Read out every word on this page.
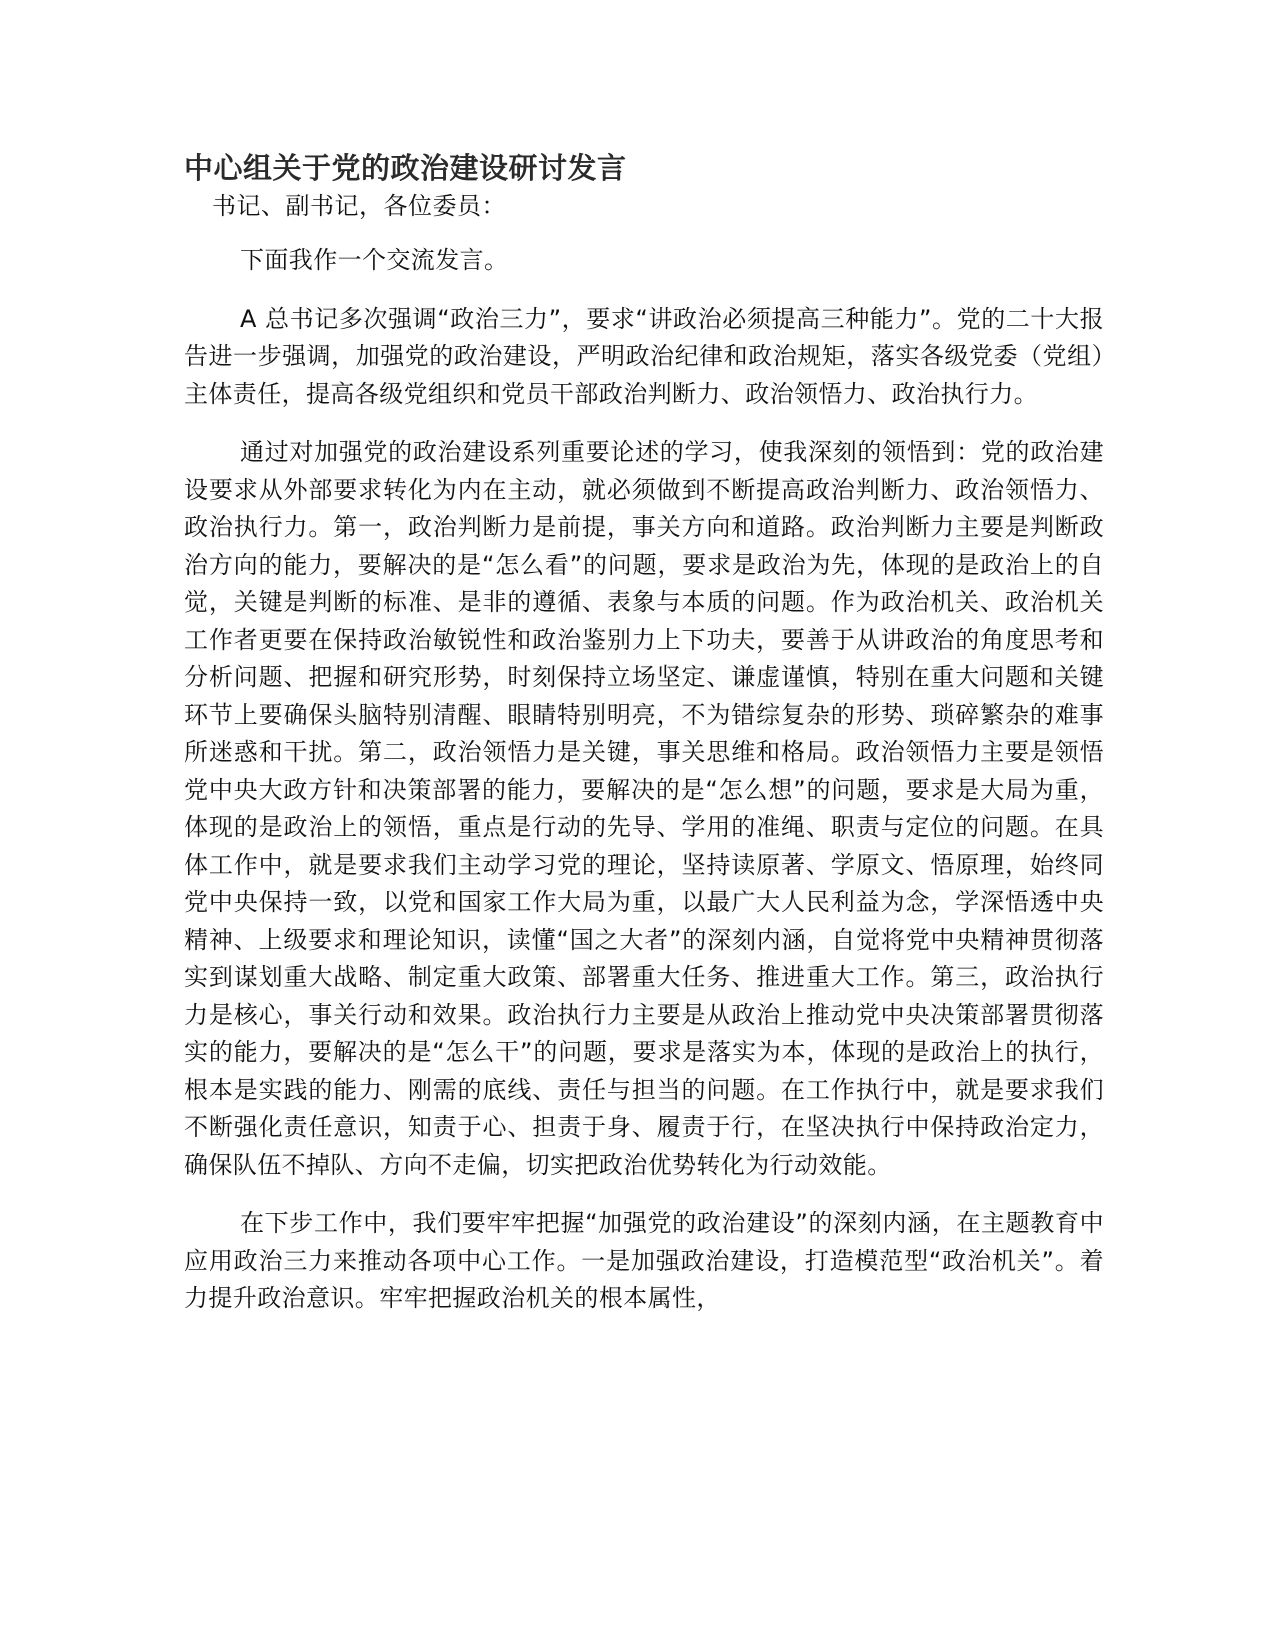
中心组关于党的政治建设研讨发言

书记、副书记，各位委员：

下面我作一个交流发言。

A 总书记多次强调“政治三力”，要求“讲政治必须提高三种能力”。党的二十大报告进一步强调，加强党的政治建设，严明政治纪律和政治规矩，落实各级党委（党组）主体责任，提高各级党组织和党员干部政治判断力、政治领悟力、政治执行力。

通过对加强党的政治建设系列重要论述的学习，使我深刻的领悟到：党的政治建设要求从外部要求转化为内在主动，就必须做到不断提高政治判断力、政治领悟力、政治执行力。第一，政治判断力是前提，事关方向和道路。政治判断力主要是判断政治方向的能力，要解决的是“怎么看”的问题，要求是政治为先，体现的是政治上的自觉，关键是判断的标准、是非的遵循、表象与本质的问题。作为政治机关、政治机关工作者更要在保持政治敏锐性和政治鉴别力上下功夫，要善于从讲政治的角度思考和分析问题、把握和研究形势，时刻保持立场坚定、谦虚谨慎，特别在重大问题和关键环节上要确保头脑特别清醒、眼睛特别明亮，不为错综复杂的形势、琐碎繁杂的难事所迷惑和干扰。第二，政治领悟力是关键，事关思维和格局。政治领悟力主要是领悟党中央大政方针和决策部署的能力，要解决的是“怎么想”的问题，要求是大局为重，体现的是政治上的领悟，重点是行动的先导、学用的准绳、职责与定位的问题。在具体工作中，就是要求我们主动学习党的理论，坚持读原著、学原文、悟原理，始终同党中央保持一致，以党和国家工作大局为重，以最广大人民利益为念，学深悟透中央精神、上级要求和理论知识，读懂“国之大者”的深刻内涵，自觉将党中央精神贯彻落实到谋划重大战略、制定重大政策、部署重大任务、推进重大工作。第三，政治执行力是核心，事关行动和效果。政治执行力主要是从政治上推动党中央决策部署贯彻落实的能力，要解决的是“怎么干”的问题，要求是落实为本，体现的是政治上的执行，根本是实践的能力、刚需的底线、责任与担当的问题。在工作执行中，就是要求我们不断强化责任意识，知责于心、担责于身、履责于行，在坚决执行中保持政治定力，确保队伍不掉队、方向不走偏，切实把政治优势转化为行动效能。

在下步工作中，我们要牢牢把握“加强党的政治建设”的深刻内涵，在主题教育中应用政治三力来推动各项中心工作。一是加强政治建设，打造模范型“政治机关”。着力提升政治意识。牢牢把握政治机关的根本属性，
